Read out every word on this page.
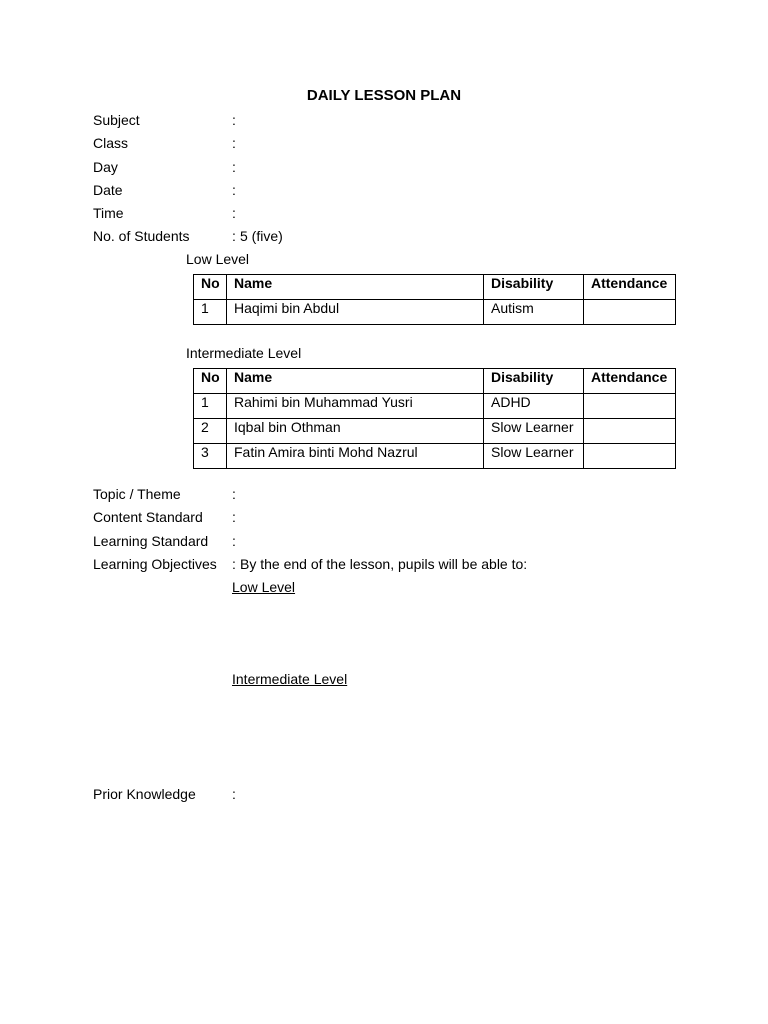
DAILY LESSON PLAN
Subject	:
Class	:
Day	:
Date	:
Time	:
No. of Students	: 5 (five)
Low Level
No	Name	Disability	Attendance
1	Haqimi bin Abdul	Autism	
Intermediate Level
No	Name	Disability	Attendance
1	Rahimi bin Muhammad Yusri	ADHD	
2	Iqbal bin Othman	Slow Learner	
3	Fatin Amira binti Mohd Nazrul	Slow Learner	
Topic / Theme	:
Content Standard :
Learning Standard :
Learning Objectives : By the end of the lesson, pupils will be able to:
Low Level
Intermediate Level
Prior Knowledge	:
